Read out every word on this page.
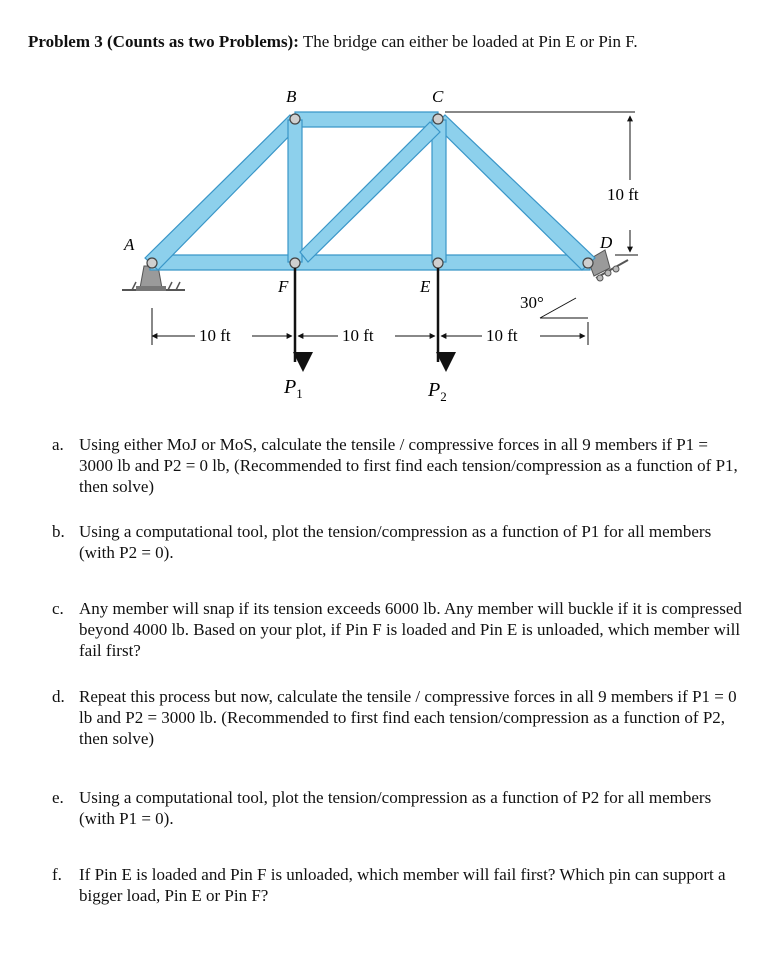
Problem 3 (Counts as two Problems): The bridge can either be loaded at Pin E or Pin F.
B	C
A	D
F	E
10 ft
30°
10 ft	10 ft	10 ft
$P_1$	$P_2$
a. Using either MoJ or MoS, calculate the tensile / compressive forces in all 9 members if P1 = 3000 lb and P2 = 0 lb, (Recommended to first find each tension/compression as a function of P1, then solve)
b. Using a computational tool, plot the tension/compression as a function of P1 for all members (with P2 = 0).
c. Any member will snap if its tension exceeds 6000 lb. Any member will buckle if it is compressed beyond 4000 lb. Based on your plot, if Pin F is loaded and Pin E is unloaded, which member will fail first?
d. Repeat this process but now, calculate the tensile / compressive forces in all 9 members if P1 = 0 lb and P2 = 3000 lb. (Recommended to first find each tension/compression as a function of P2, then solve)
e. Using a computational tool, plot the tension/compression as a function of P2 for all members (with P1 = 0).
f.	If Pin E is loaded and Pin F is unloaded, which member will fail first? Which pin can support a bigger load, Pin E or Pin F?
